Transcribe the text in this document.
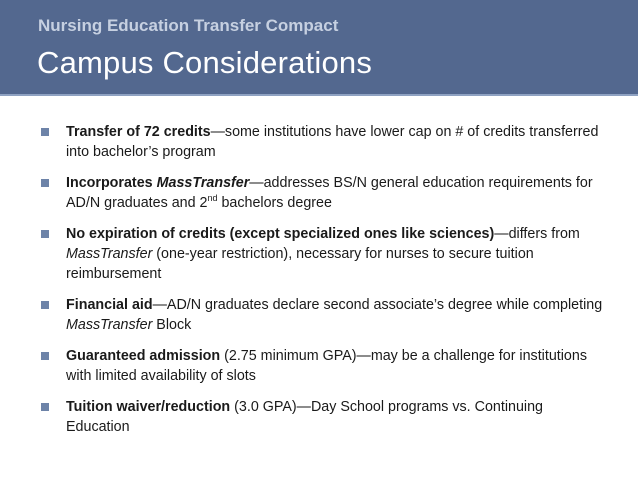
Nursing Education Transfer Compact
Campus Considerations
Transfer of 72 credits—some institutions have lower cap on # of credits transferred into bachelor’s program
Incorporates MassTransfer—addresses BS/N general education requirements for AD/N graduates and 2nd bachelors degree
No expiration of credits (except specialized ones like sciences)—differs from MassTransfer (one-year restriction), necessary for nurses to secure tuition reimbursement
Financial aid—AD/N graduates declare second associate’s degree while completing MassTransfer Block
Guaranteed admission (2.75 minimum GPA)—may be a challenge for institutions with limited availability of slots
Tuition waiver/reduction (3.0 GPA)—Day School programs vs. Continuing Education
